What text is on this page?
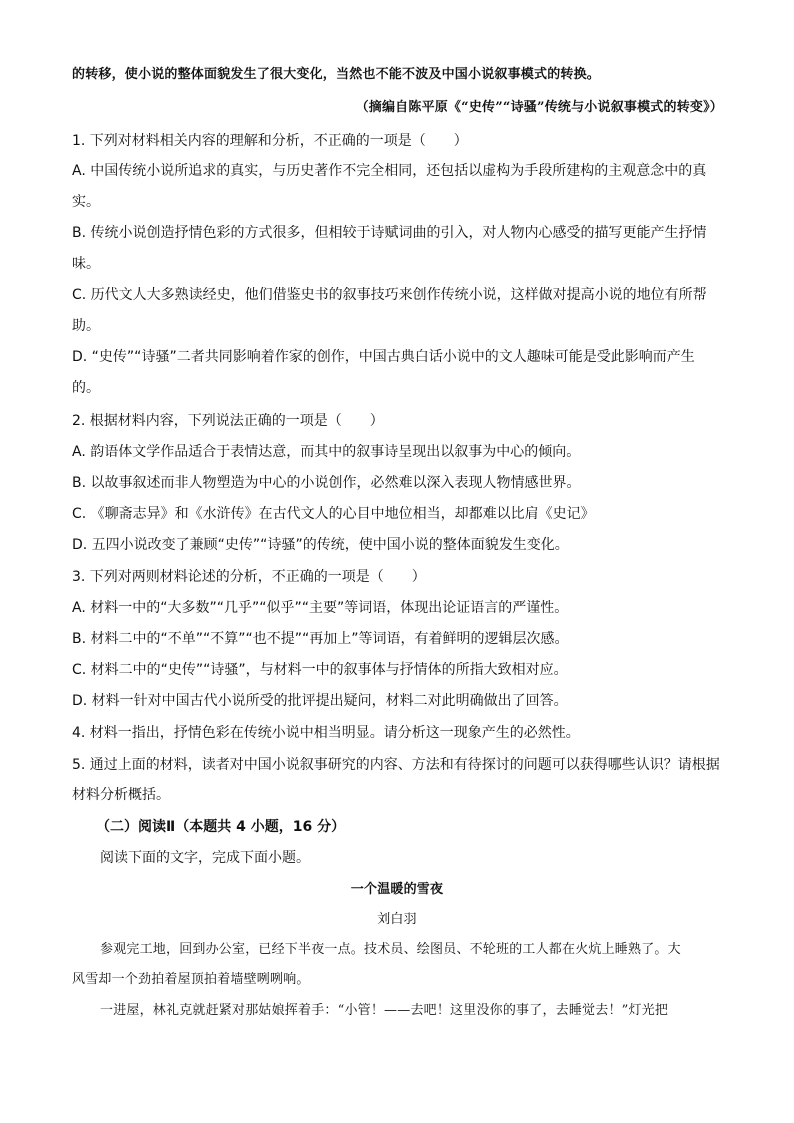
的转移，使小说的整体面貌发生了很大变化，当然也不能不波及中国小说叙事模式的转换。
（摘编自陈平原《“史传”“诗骚”传统与小说叙事模式的转变》）
1. 下列对材料相关内容的理解和分析，不正确的一项是（　　）
A. 中国传统小说所追求的真实，与历史著作不完全相同，还包括以虚构为手段所建构的主观意念中的真
实。
B. 传统小说创造抒情色彩的方式很多，但相较于诗赋词曲的引入，对人物内心感受的描写更能产生抒情
味。
C. 历代文人大多熟读经史，他们借鉴史书的叙事技巧来创作传统小说，这样做对提高小说的地位有所帮
助。
D. “史传”“诗骚”二者共同影响着作家的创作，中国古典白话小说中的文人趣味可能是受此影响而产生
的。
2. 根据材料内容，下列说法正确的一项是（　　）
A. 韵语体文学作品适合于表情达意，而其中的叙事诗呈现出以叙事为中心的倾向。
B. 以故事叙述而非人物塑造为中心的小说创作，必然难以深入表现人物情感世界。
C. 《聊斋志异》和《水浒传》在古代文人的心目中地位相当，却都难以比肩《史记》
D. 五四小说改变了兼顾“史传”“诗骚”的传统，使中国小说的整体面貌发生变化。
3. 下列对两则材料论述的分析，不正确的一项是（　　）
A. 材料一中的“大多数”“几乎”“似乎”“主要”等词语，体现出论证语言的严谨性。
B. 材料二中的“不单”“不算”“也不提”“再加上”等词语，有着鲜明的逻辑层次感。
C. 材料二中的“史传”“诗骚”，与材料一中的叙事体与抒情体的所指大致相对应。
D. 材料一针对中国古代小说所受的批评提出疑问，材料二对此明确做出了回答。
4. 材料一指出，抒情色彩在传统小说中相当明显。请分析这一现象产生的必然性。
5. 通过上面的材料，读者对中国小说叙事研究的内容、方法和有待探讨的问题可以获得哪些认识？请根据
材料分析概括。
（二）阅读Ⅱ（本题共 4 小题，16 分）
阅读下面的文字，完成下面小题。
一个温暖的雪夜
刘白羽
参观完工地，回到办公室，已经下半夜一点。技术员、绘图员、不轮班的工人都在火炕上睡熟了。大
风雪却一个劲拍着屋顶拍着墙壁咧咧响。
一进屋，林礼克就赶紧对那姑娘挥着手：“小管！——去吧！这里没你的事了，去睡觉去！”灯光把
